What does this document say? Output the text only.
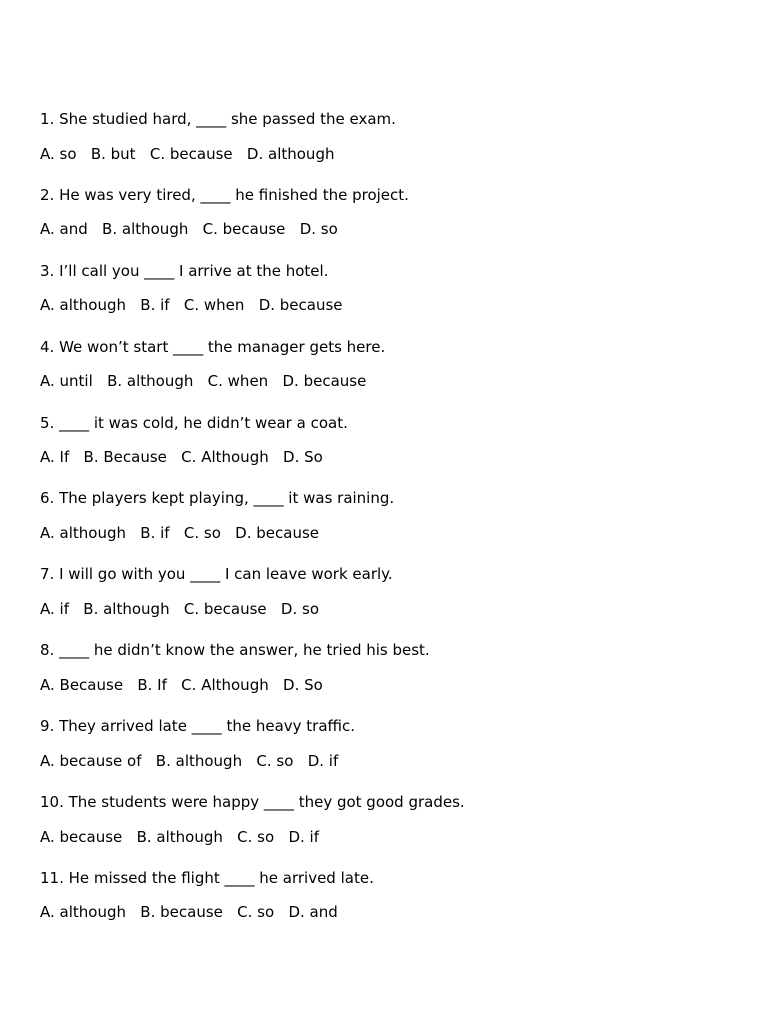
1. She studied hard, ____ she passed the exam.

A. so   B. but   C. because   D. although

2. He was very tired, ____ he finished the project.

A. and   B. although   C. because   D. so

3. I’ll call you ____ I arrive at the hotel.

A. although   B. if   C. when   D. because

4. We won’t start ____ the manager gets here.

A. until   B. although   C. when   D. because

5. ____ it was cold, he didn’t wear a coat.

A. If   B. Because   C. Although   D. So

6. The players kept playing, ____ it was raining.

A. although   B. if   C. so   D. because

7. I will go with you ____ I can leave work early.

A. if   B. although   C. because   D. so

8. ____ he didn’t know the answer, he tried his best.

A. Because   B. If   C. Although   D. So

9. They arrived late ____ the heavy traffic.

A. because of   B. although   C. so   D. if

10. The students were happy ____ they got good grades.

A. because   B. although   C. so   D. if

11. He missed the flight ____ he arrived late.

A. although   B. because   C. so   D. and
